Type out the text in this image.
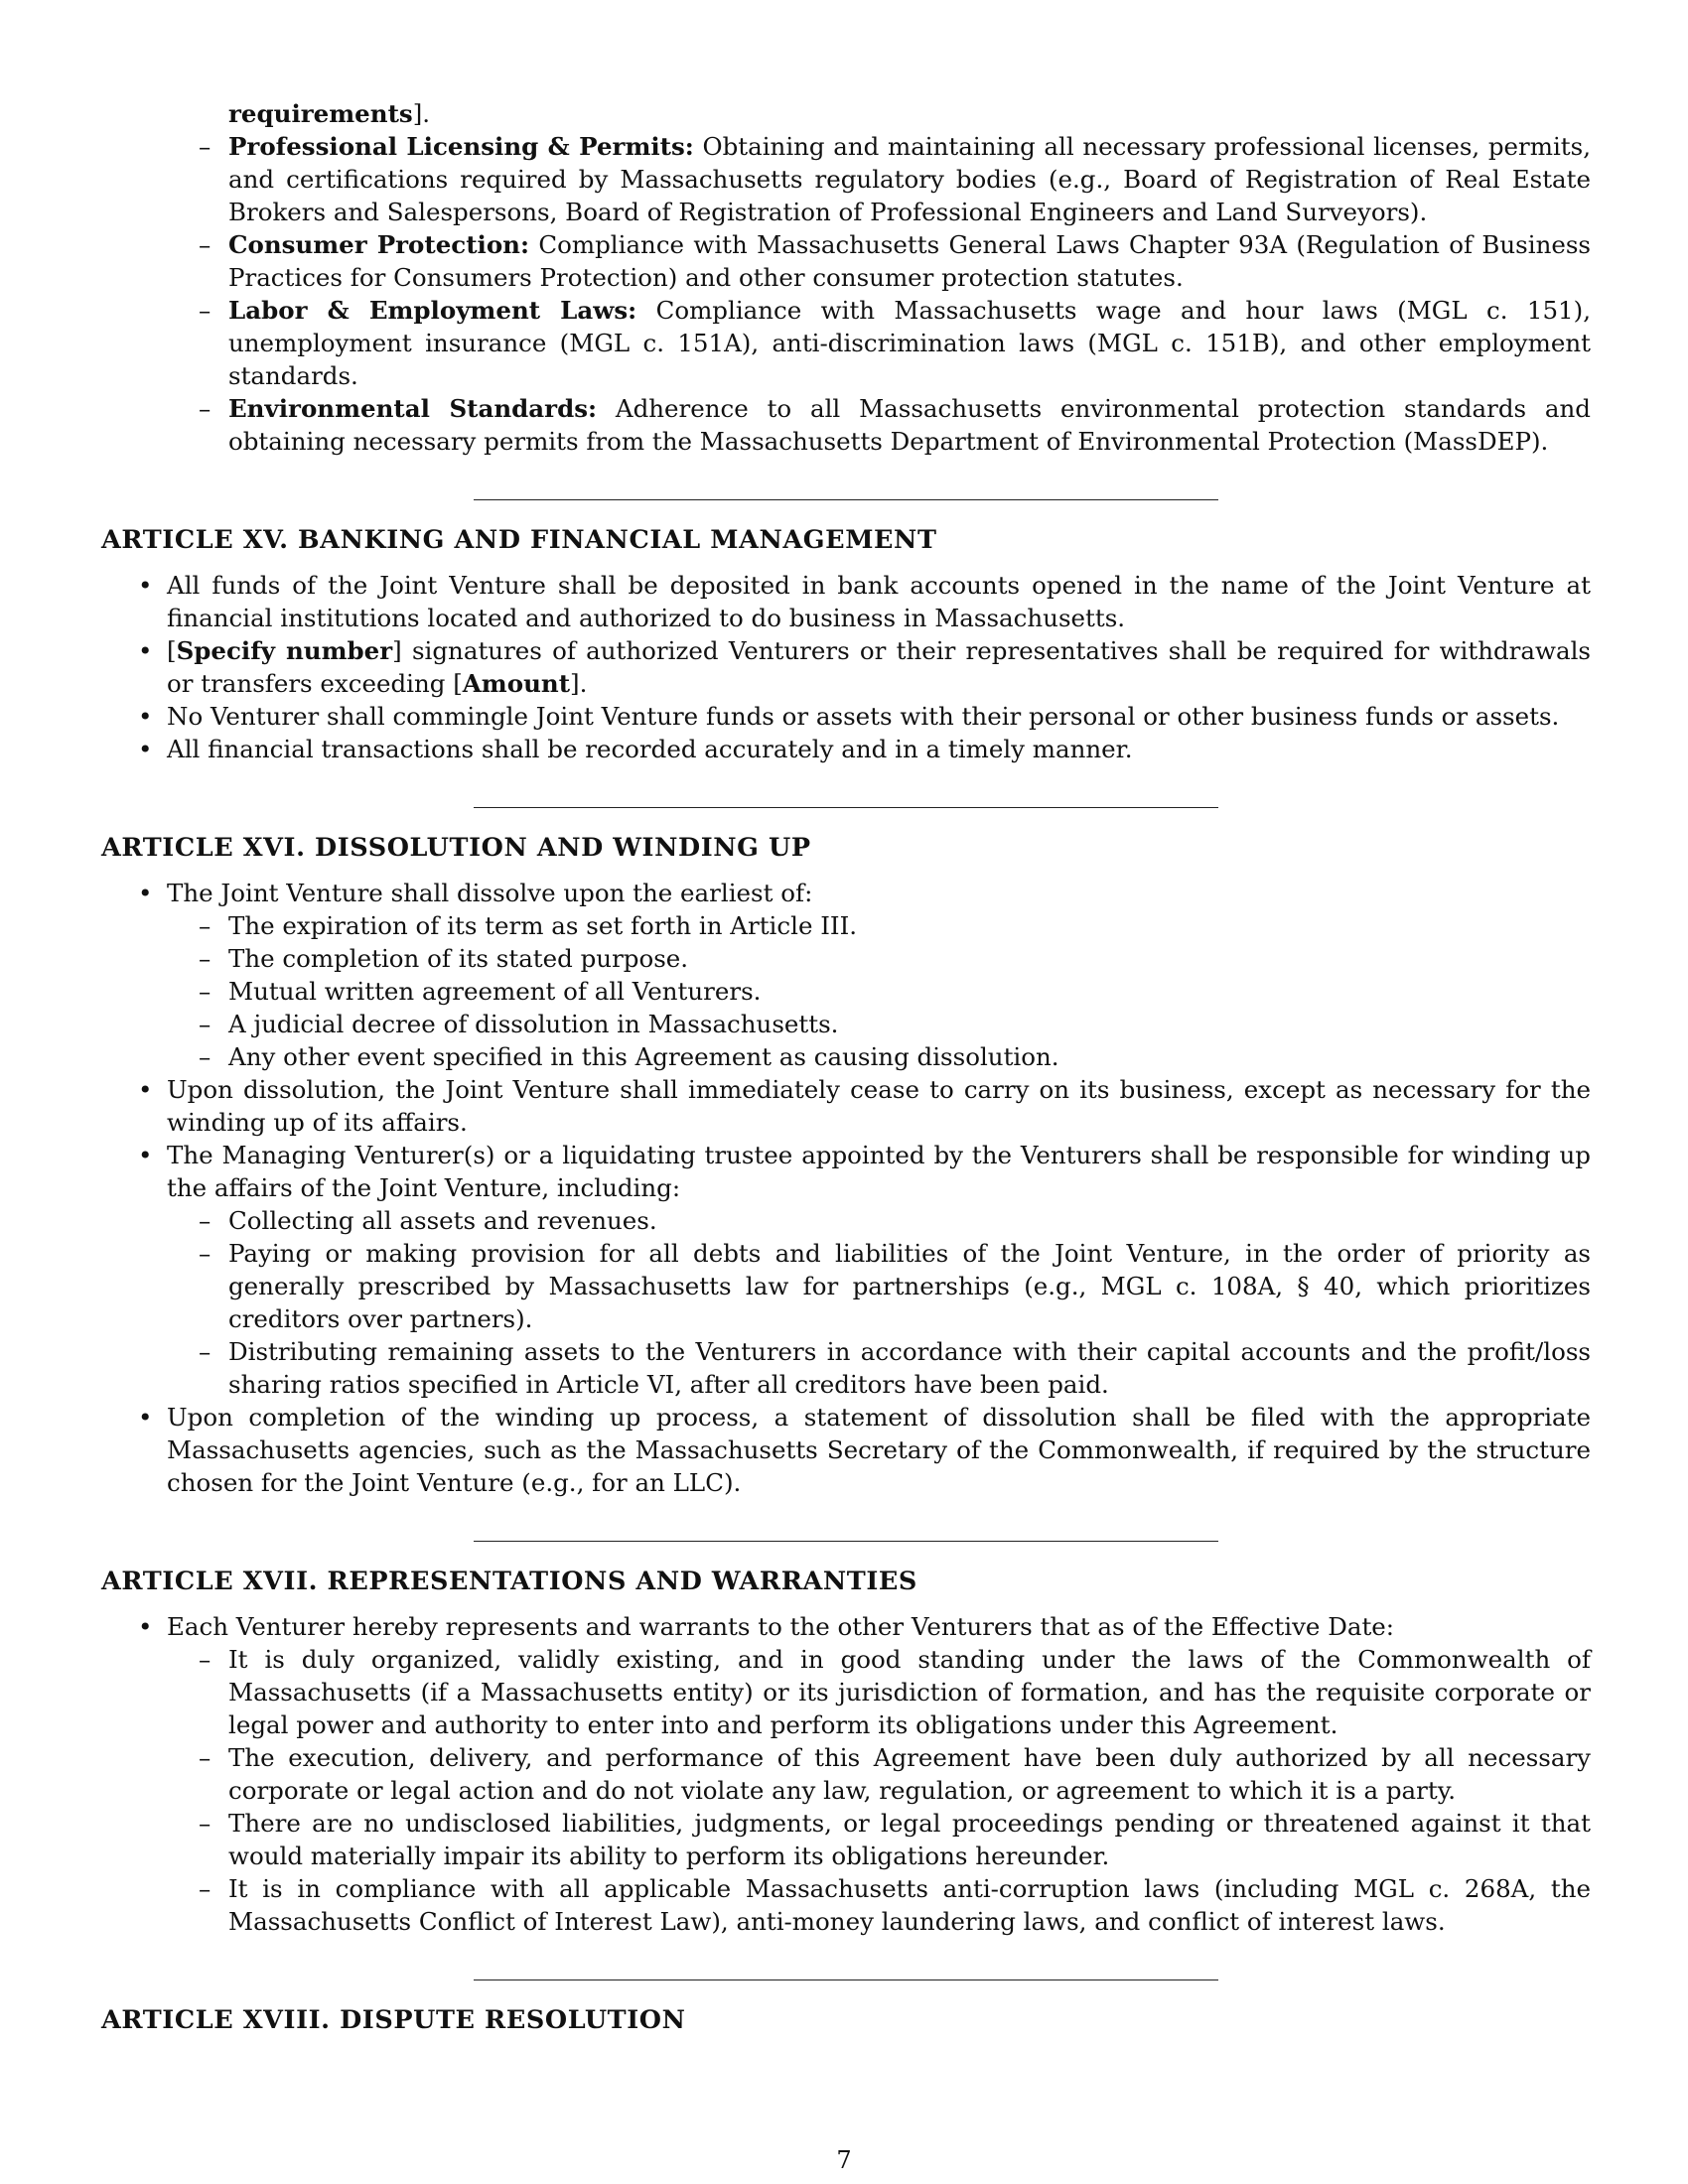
requirements].
– Professional Licensing & Permits: Obtaining and maintaining all necessary professional licenses, permits, and certifications required by Massachusetts regulatory bodies (e.g., Board of Registration of Real Estate Brokers and Salespersons, Board of Registration of Professional Engineers and Land Surveyors).
– Consumer Protection: Compliance with Massachusetts General Laws Chapter 93A (Regulation of Business Practices for Consumers Protection) and other consumer protection statutes.
– Labor & Employment Laws: Compliance with Massachusetts wage and hour laws (MGL c. 151), unemployment insurance (MGL c. 151A), anti-discrimination laws (MGL c. 151B), and other employment standards.
– Environmental Standards: Adherence to all Massachusetts environmental protection standards and obtaining necessary permits from the Massachusetts Department of Environmental Protection (MassDEP).
ARTICLE XV. BANKING AND FINANCIAL MANAGEMENT
• All funds of the Joint Venture shall be deposited in bank accounts opened in the name of the Joint Venture at financial institutions located and authorized to do business in Massachusetts.
• [Specify number] signatures of authorized Venturers or their representatives shall be required for withdrawals or transfers exceeding [Amount].
• No Venturer shall commingle Joint Venture funds or assets with their personal or other business funds or assets.
• All financial transactions shall be recorded accurately and in a timely manner.
ARTICLE XVI. DISSOLUTION AND WINDING UP
• The Joint Venture shall dissolve upon the earliest of:
– The expiration of its term as set forth in Article III.
– The completion of its stated purpose.
– Mutual written agreement of all Venturers.
– A judicial decree of dissolution in Massachusetts.
– Any other event specified in this Agreement as causing dissolution.
• Upon dissolution, the Joint Venture shall immediately cease to carry on its business, except as necessary for the winding up of its affairs.
• The Managing Venturer(s) or a liquidating trustee appointed by the Venturers shall be responsible for winding up the affairs of the Joint Venture, including:
– Collecting all assets and revenues.
– Paying or making provision for all debts and liabilities of the Joint Venture, in the order of priority as generally prescribed by Massachusetts law for partnerships (e.g., MGL c. 108A, § 40, which prioritizes creditors over partners).
– Distributing remaining assets to the Venturers in accordance with their capital accounts and the profit/loss sharing ratios specified in Article VI, after all creditors have been paid.
• Upon completion of the winding up process, a statement of dissolution shall be filed with the appropriate Massachusetts agencies, such as the Massachusetts Secretary of the Commonwealth, if required by the structure chosen for the Joint Venture (e.g., for an LLC).
ARTICLE XVII. REPRESENTATIONS AND WARRANTIES
• Each Venturer hereby represents and warrants to the other Venturers that as of the Effective Date:
– It is duly organized, validly existing, and in good standing under the laws of the Commonwealth of Massachusetts (if a Massachusetts entity) or its jurisdiction of formation, and has the requisite corporate or legal power and authority to enter into and perform its obligations under this Agreement.
– The execution, delivery, and performance of this Agreement have been duly authorized by all necessary corporate or legal action and do not violate any law, regulation, or agreement to which it is a party.
– There are no undisclosed liabilities, judgments, or legal proceedings pending or threatened against it that would materially impair its ability to perform its obligations hereunder.
– It is in compliance with all applicable Massachusetts anti-corruption laws (including MGL c. 268A, the Massachusetts Conflict of Interest Law), anti-money laundering laws, and conflict of interest laws.
ARTICLE XVIII. DISPUTE RESOLUTION
7
